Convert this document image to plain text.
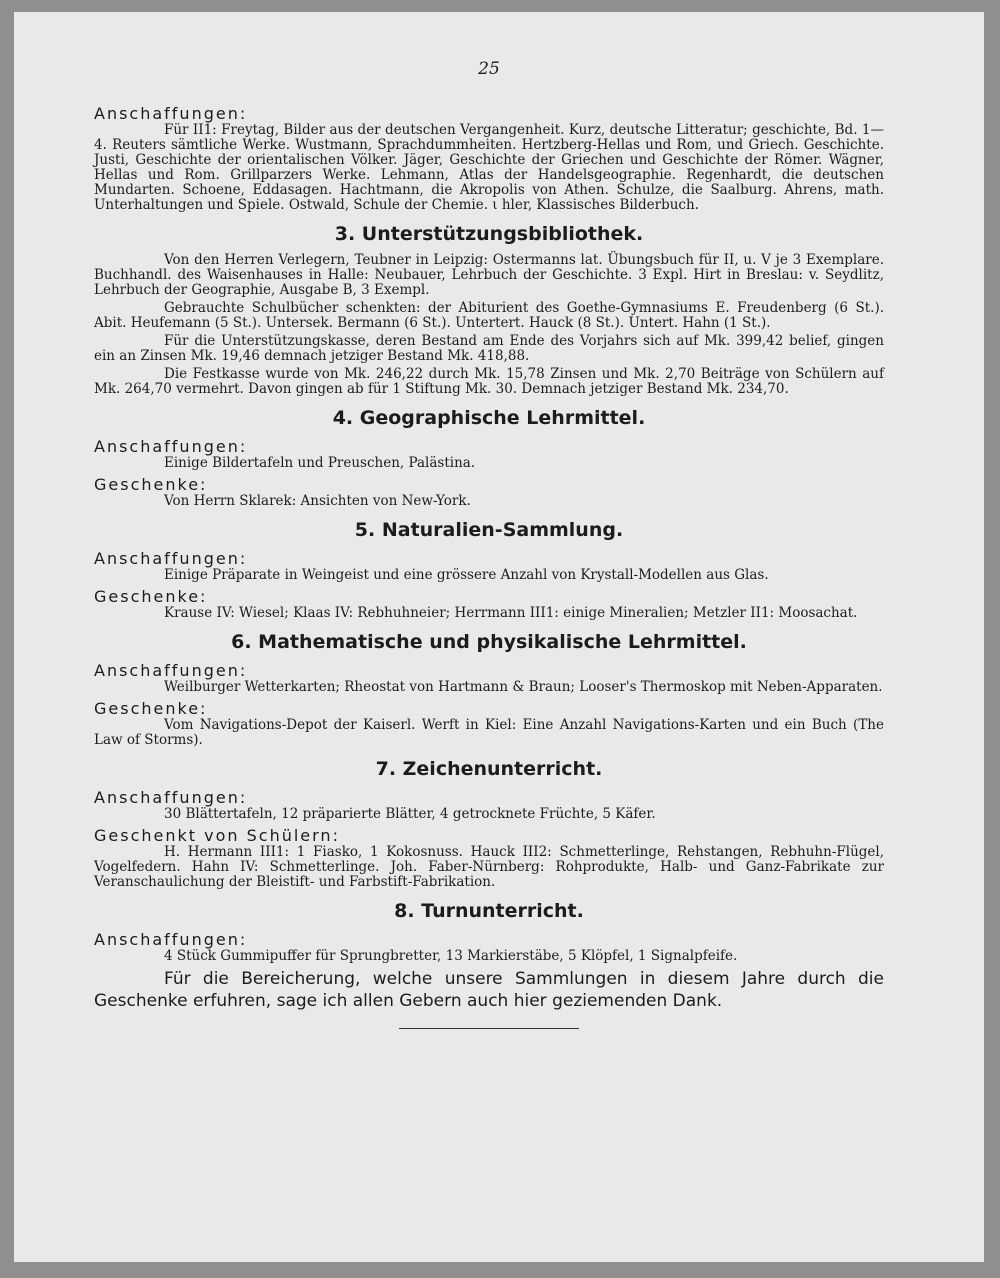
25
Anschaffungen:

Für II1: Freytag, Bilder aus der deutschen Vergangenheit. Kurz, deutsche Litteratur; geschichte, Bd. 1—4. Reuters sämtliche Werke. Wustmann, Sprachdummheiten. Hertzberg-Hellas und Rom, und Griech. Geschichte. Justi, Geschichte der orientalischen Völker. Jäger, Geschichte der Griechen und Geschichte der Römer. Wägner, Hellas und Rom. Grillparzers Werke. Lehmann, Atlas der Handelsgeographie. Regenhardt, die deutschen Mundarten. Schoene, Eddasagen. Hachtmann, die Akropolis von Athen. Schulze, die Saalburg. Ahrens, math. Unterhaltungen und Spiele. Ostwald, Schule der Chemie. ι hler, Klassisches Bilderbuch.

3. Unterstützungsbibliothek.

Von den Herren Verlegern, Teubner in Leipzig: Ostermanns lat. Übungsbuch für II, u. V je 3 Exemplare. Buchhandl. des Waisenhauses in Halle: Neubauer, Lehrbuch der Geschichte. 3 Expl. Hirt in Breslau: v. Seydlitz, Lehrbuch der Geographie, Ausgabe B, 3 Exempl.

Gebrauchte Schulbücher schenkten: der Abiturient des Goethe-Gymnasiums E. Freudenberg (6 St.). Abit. Heufemann (5 St.). Untersek. Bermann (6 St.). Untertert. Hauck (8 St.). Untert. Hahn (1 St.).

Für die Unterstützungskasse, deren Bestand am Ende des Vorjahrs sich auf Mk. 399,42 belief, gingen ein an Zinsen Mk. 19,46 demnach jetziger Bestand Mk. 418,88.

Die Festkasse wurde von Mk. 246,22 durch Mk. 15,78 Zinsen und Mk. 2,70 Beiträge von Schülern auf Mk. 264,70 vermehrt. Davon gingen ab für 1 Stiftung Mk. 30. Demnach jetziger Bestand Mk. 234,70.

4. Geographische Lehrmittel.
Anschaffungen:

Einige Bildertafeln und Preuschen, Palästina.

Geschenke:

Von Herrn Sklarek: Ansichten von New-York.

5. Naturalien-Sammlung.
Anschaffungen:

Einige Präparate in Weingeist und eine grössere Anzahl von Krystall-Modellen aus Glas.

Geschenke:

Krause IV: Wiesel; Klaas IV: Rebhuhneier; Herrmann III1: einige Mineralien; Metzler II1: Moosachat.

6. Mathematische und physikalische Lehrmittel.
Anschaffungen:

Weilburger Wetterkarten; Rheostat von Hartmann & Braun; Looser's Thermoskop mit Neben-Apparaten.

Geschenke:

Vom Navigations-Depot der Kaiserl. Werft in Kiel: Eine Anzahl Navigations-Karten und ein Buch (The Law of Storms).

7. Zeichenunterricht.
Anschaffungen:

30 Blättertafeln, 12 präparierte Blätter, 4 getrocknete Früchte, 5 Käfer.

Geschenkt von Schülern:

H. Hermann III1: 1 Fiasko, 1 Kokosnuss. Hauck III2: Schmetterlinge, Rehstangen, Rebhuhn-Flügel, Vogelfedern. Hahn IV: Schmetterlinge. Joh. Faber-Nürnberg: Rohprodukte, Halb- und Ganz-Fabrikate zur Veranschaulichung der Bleistift- und Farbstift-Fabrikation.

8. Turnunterricht.
Anschaffungen:

4 Stück Gummipuffer für Sprungbretter, 13 Markierstäbe, 5 Klöpfel, 1 Signalpfeife.

Für die Bereicherung, welche unsere Sammlungen in diesem Jahre durch die Geschenke erfuhren, sage ich allen Gebern auch hier geziemenden Dank.
